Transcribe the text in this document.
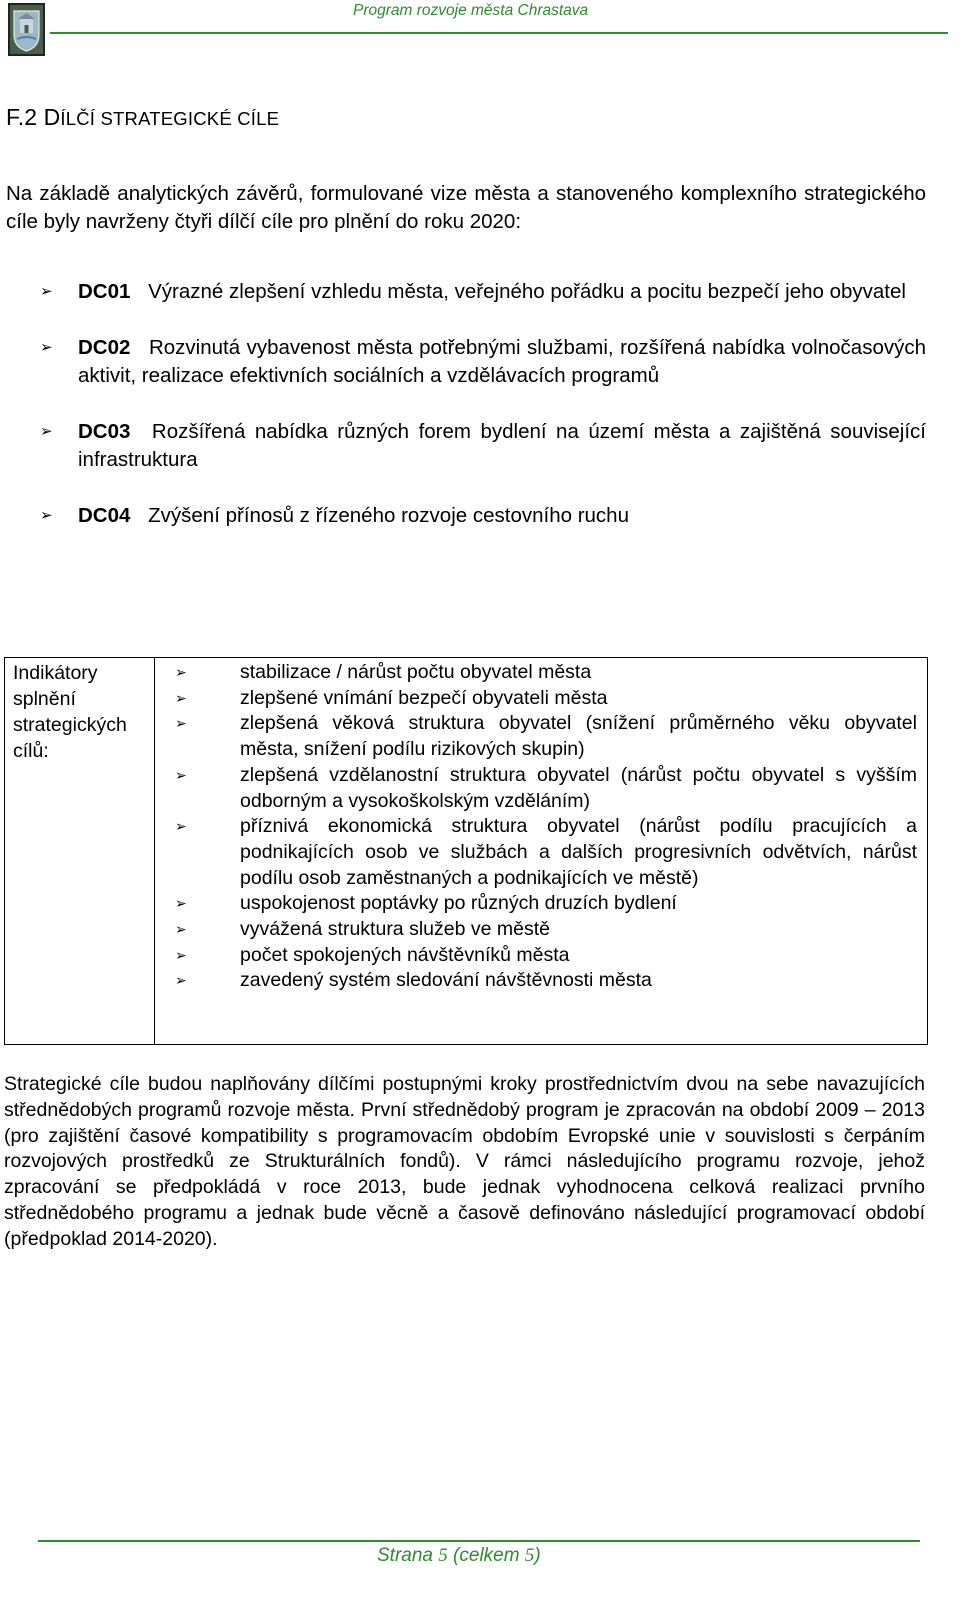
Program rozvoje města Chrastava
F.2 DÍLČÍ STRATEGICKÉ CÍLE
Na základě analytických závěrů, formulované vize města a stanoveného komplexního strategického cíle byly navrženy čtyři dílčí cíle pro plnění do roku 2020:
➢ DC01 Výrazné zlepšení vzhledu města, veřejného pořádku a pocitu bezpečí jeho obyvatel
➢ DC02 Rozvinutá vybavenost města potřebnými službami, rozšířená nabídka volnočasových aktivit, realizace efektivních sociálních a vzdělávacích programů
➢ DC03 Rozšířená nabídka různých forem bydlení na území města a zajištěná související infrastruktura
➢ DC04 Zvýšení přínosů z řízeného rozvoje cestovního ruchu
Indikátory splnění strategických cílů:
➢	stabilizace / nárůst počtu obyvatel města
➢	zlepšené vnímání bezpečí obyvateli města
➢	zlepšená věková struktura obyvatel (snížení průměrného věku obyvatel města, snížení podílu rizikových skupin)
➢	zlepšená vzdělanostní struktura obyvatel (nárůst počtu obyvatel s vyšším odborným a vysokoškolským vzděláním)
➢	příznivá ekonomická struktura obyvatel (nárůst podílu pracujících a podnikajících osob ve službách a dalších progresivních odvětvích, nárůst podílu osob zaměstnaných a podnikajících ve městě)
➢	uspokojenost poptávky po různých druzích bydlení
➢	vyvážená struktura služeb ve městě
➢	počet spokojených návštěvníků města
➢	zavedený systém sledování návštěvnosti města
Strategické cíle budou naplňovány dílčími postupnými kroky prostřednictvím dvou na sebe navazujících střednědobých programů rozvoje města. První střednědobý program je zpracován na období 2009 – 2013 (pro zajištění časové kompatibility s programovacím obdobím Evropské unie v souvislosti s čerpáním rozvojových prostředků ze Strukturálních fondů). V rámci následujícího programu rozvoje, jehož zpracování se předpokládá v roce 2013, bude jednak vyhodnocena celková realizaci prvního střednědobého programu a jednak bude věcně a časově definováno následující programovací období (předpoklad 2014-2020).
Strana 5 (celkem 5)
